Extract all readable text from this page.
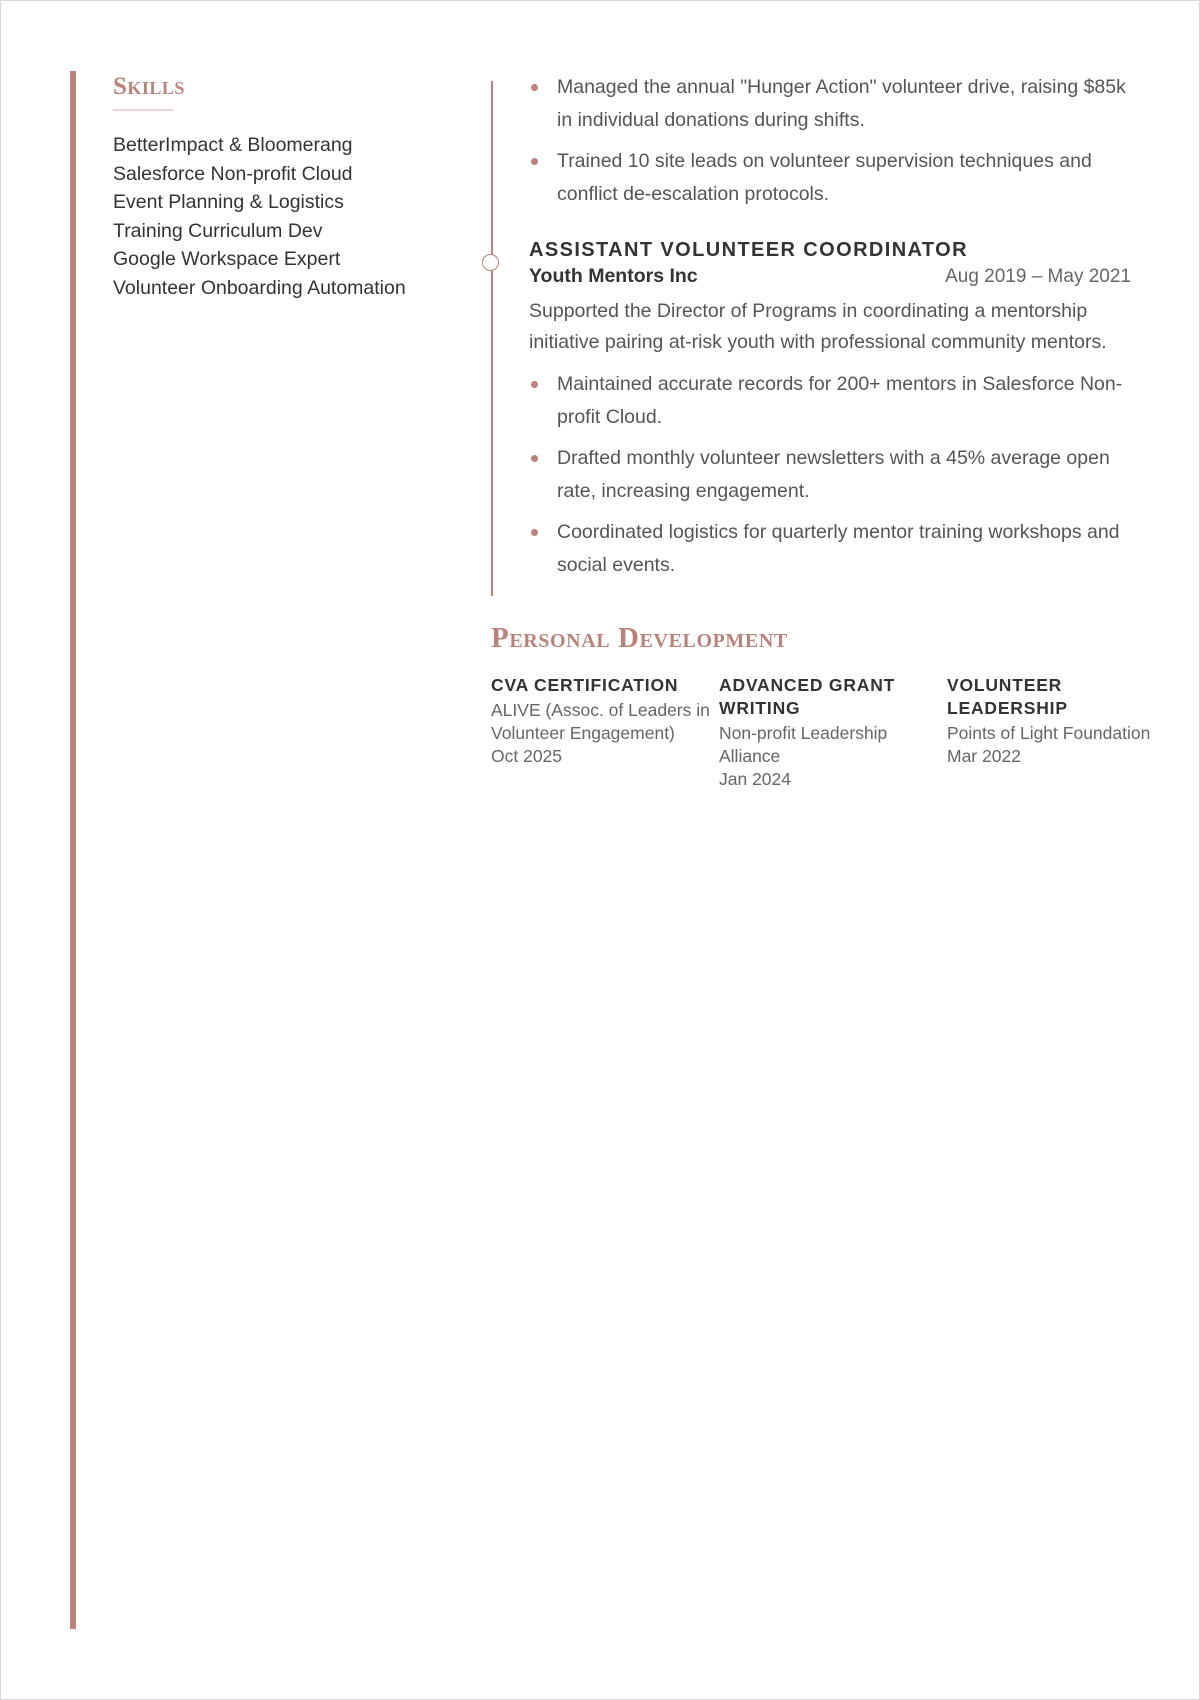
Skills
BetterImpact & Bloomerang
Salesforce Non-profit Cloud
Event Planning & Logistics
Training Curriculum Dev
Google Workspace Expert
Volunteer Onboarding Automation
Managed the annual "Hunger Action" volunteer drive, raising $85k in individual donations during shifts.
Trained 10 site leads on volunteer supervision techniques and conflict de-escalation protocols.
ASSISTANT VOLUNTEER COORDINATOR
Youth Mentors Inc	Aug 2019 – May 2021

Supported the Director of Programs in coordinating a mentorship initiative pairing at-risk youth with professional community mentors.

Maintained accurate records for 200+ mentors in Salesforce Non-profit Cloud.
Drafted monthly volunteer newsletters with a 45% average open rate, increasing engagement.
Coordinated logistics for quarterly mentor training workshops and social events.
Personal Development

CVA CERTIFICATION

ALIVE (Assoc. of Leaders in Volunteer Engagement)
Oct 2025

ADVANCED GRANT WRITING

Non-profit Leadership Alliance
Jan 2024

VOLUNTEER LEADERSHIP

Points of Light Foundation
Mar 2022
